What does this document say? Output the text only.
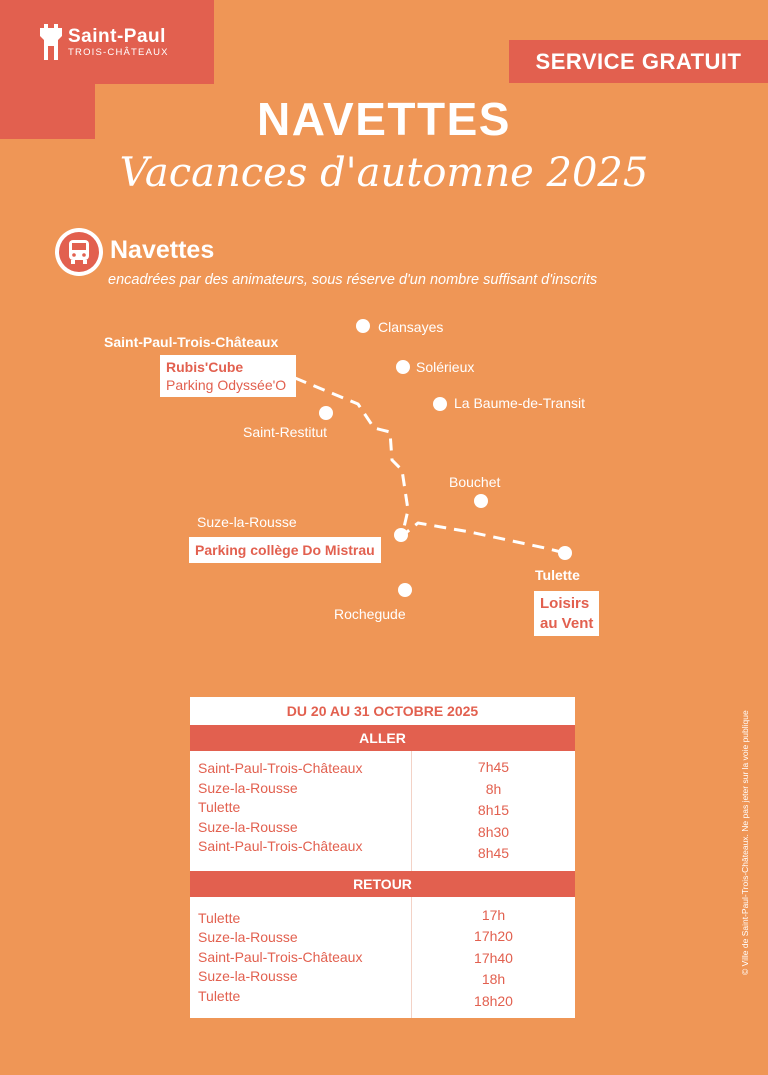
Saint-Paul
TROIS-CHÂTEAUX	SERVICE GRATUIT
NAVETTES
Vacances d'automne 2025
Navettes
encadrées par des animateurs, sous réserve d'un nombre suffisant d'inscrits
Saint-Paul-Trois-Châteaux
Rubis'Cube
Parking Odyssée'O
Clansayes
Solérieux
La Baume-de-Transit
Saint-Restitut
Bouchet
Suze-la-Rousse
Parking collège Do Mistrau
Tulette
Loisirs
au Vent
Rochegude
DU 20 AU 31 OCTOBRE 2025
ALLER
Saint-Paul-Trois-Châteaux
Suze-la-Rousse
Tulette
Suze-la-Rousse
Saint-Paul-Trois-Châteaux
7h45
8h
8h15
8h30
8h45
RETOUR
Tulette
Suze-la-Rousse
Saint-Paul-Trois-Châteaux
Suze-la-Rousse
Tulette
17h
17h20
17h40
18h
18h20
© Ville de Saint-Paul-Trois-Châteaux. Ne pas jeter sur la voie publique
